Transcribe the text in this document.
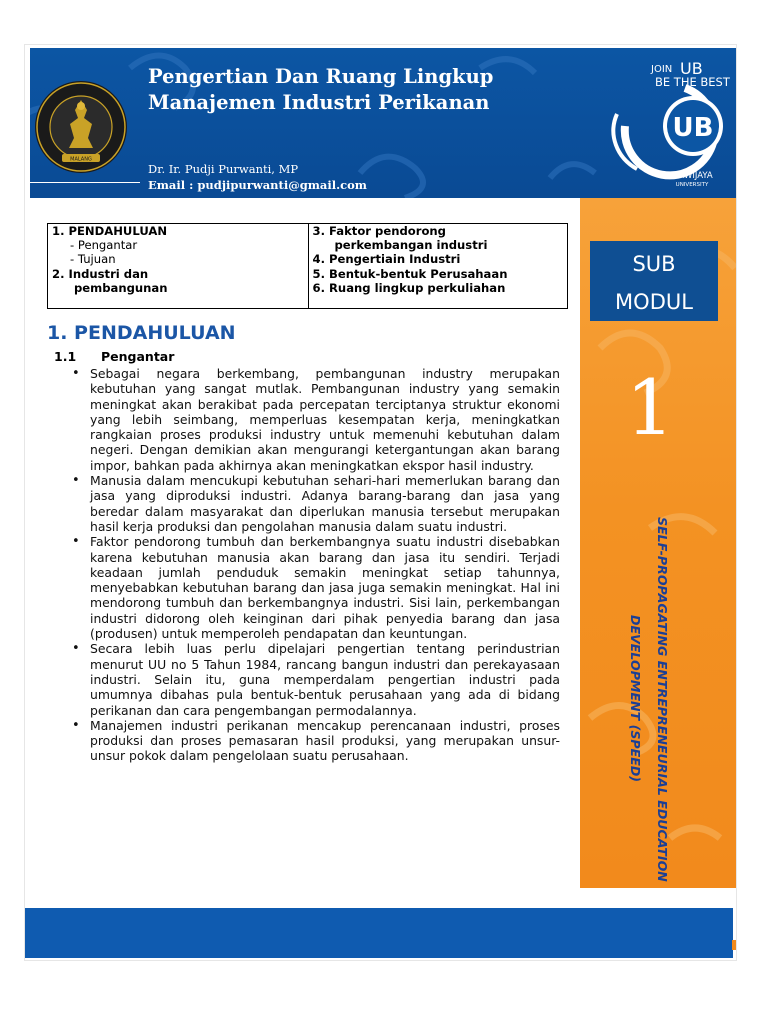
MALANG
Pengertian Dan Ruang Lingkup
Manajemen Industri Perikanan
Dr. Ir. Pudji Purwanti, MP
Email : pudjipurwanti@gmail.com
JOIN UB
BE THE BEST
UB
BRAWIJAYA
UNIVERSITY
SUB
MODUL
1
SELF-PROPAGATING ENTREPRENEURIAL EDUCATION
DEVELOPMENT (SPEED)
1. PENDAHULUAN
- Pengantar
- Tujuan
2. Industri dan
pembangunan
3. Faktor pendorong
perkembangan industri
4. Pengertiain Industri
5. Bentuk-bentuk Perusahaan
6. Ruang lingkup perkuliahan
1. PENDAHULUAN
1.1 Pengantar
• Sebagai negara berkembang, pembangunan industry merupakan kebutuhan yang sangat mutlak. Pembangunan industry yang semakin meningkat akan berakibat pada percepatan terciptanya struktur ekonomi yang lebih seimbang, memperluas kesempatan kerja, meningkatkan rangkaian proses produksi industry untuk memenuhi kebutuhan dalam negeri. Dengan demikian akan mengurangi ketergantungan akan barang impor, bahkan pada akhirnya akan meningkatkan ekspor hasil industry.
• Manusia dalam mencukupi kebutuhan sehari-hari memerlukan barang dan jasa yang diproduksi industri. Adanya barang-barang dan jasa yang beredar dalam masyarakat dan diperlukan manusia tersebut merupakan hasil kerja produksi dan pengolahan manusia dalam suatu industri.
• Faktor pendorong tumbuh dan berkembangnya suatu industri disebabkan karena kebutuhan manusia akan barang dan jasa itu sendiri. Terjadi keadaan jumlah penduduk semakin meningkat setiap tahunnya, menyebabkan kebutuhan barang dan jasa juga semakin meningkat. Hal ini mendorong tumbuh dan berkembangnya industri. Sisi lain, perkembangan industri didorong oleh keinginan dari pihak penyedia barang dan jasa (produsen) untuk memperoleh pendapatan dan keuntungan.
• Secara lebih luas perlu dipelajari pengertian tentang perindustrian menurut UU no 5 Tahun 1984, rancang bangun industri dan perekayasaan industri. Selain itu, guna memperdalam pengertian industri pada umumnya dibahas pula bentuk-bentuk perusahaan yang ada di bidang perikanan dan cara pengembangan permodalannya.
• Manajemen industri perikanan mencakup perencanaan industri, proses produksi dan proses pemasaran hasil produksi, yang merupakan unsur-unsur pokok dalam pengelolaan suatu perusahaan.
